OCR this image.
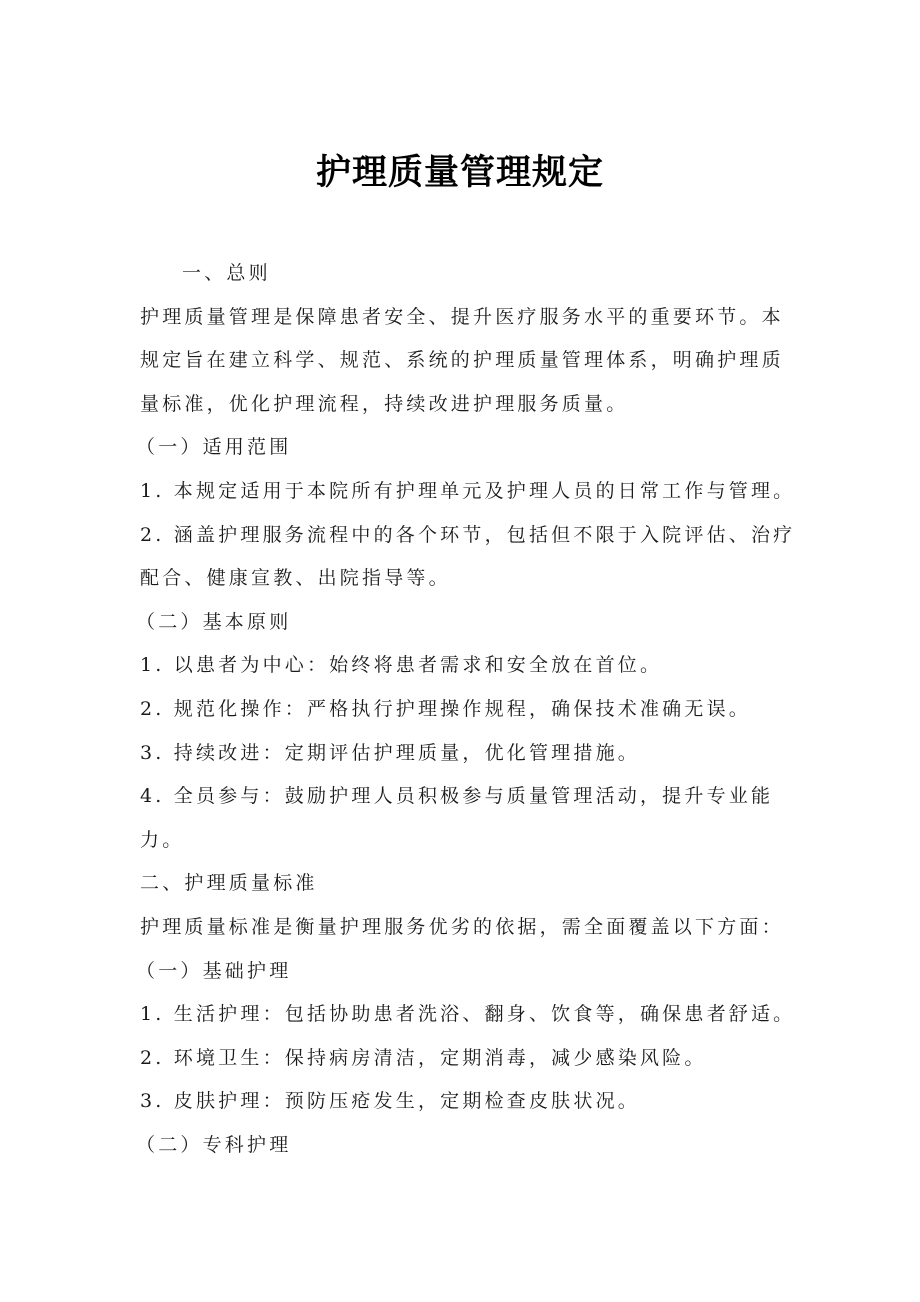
护理质量管理规定
一、总则
护理质量管理是保障患者安全、提升医疗服务水平的重要环节。本
规定旨在建立科学、规范、系统的护理质量管理体系，明确护理质
量标准，优化护理流程，持续改进护理服务质量。
（一）适用范围
1. 本规定适用于本院所有护理单元及护理人员的日常工作与管理。
2. 涵盖护理服务流程中的各个环节，包括但不限于入院评估、治疗
配合、健康宣教、出院指导等。
（二）基本原则
1. 以患者为中心：始终将患者需求和安全放在首位。
2. 规范化操作：严格执行护理操作规程，确保技术准确无误。
3. 持续改进：定期评估护理质量，优化管理措施。
4. 全员参与：鼓励护理人员积极参与质量管理活动，提升专业能
力。
二、护理质量标准
护理质量标准是衡量护理服务优劣的依据，需全面覆盖以下方面：
（一）基础护理
1. 生活护理：包括协助患者洗浴、翻身、饮食等，确保患者舒适。
2. 环境卫生：保持病房清洁，定期消毒，减少感染风险。
3. 皮肤护理：预防压疮发生，定期检查皮肤状况。
（二）专科护理
